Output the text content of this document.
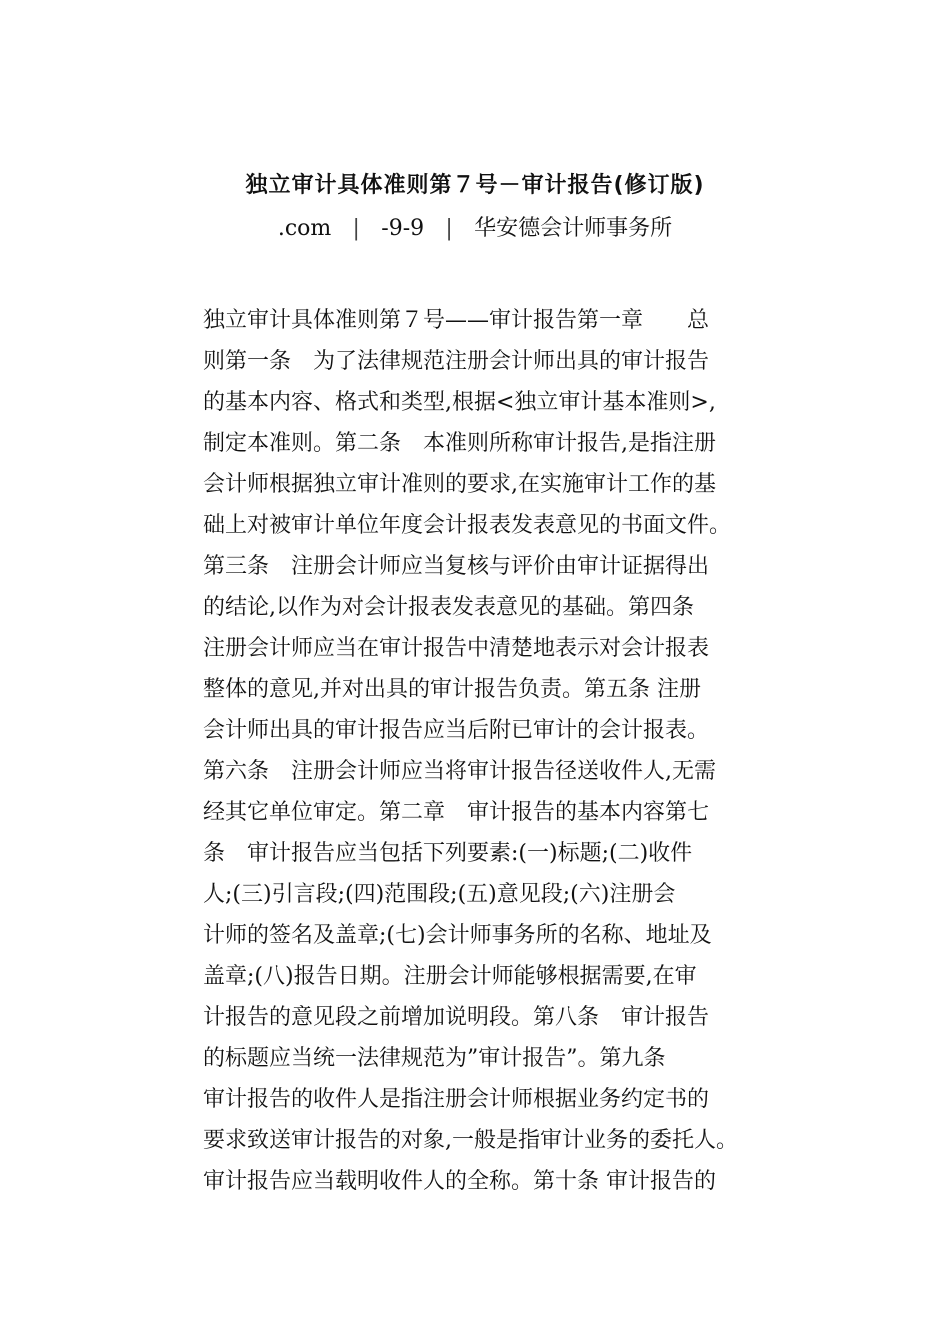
独立审计具体准则第７号－审计报告(修订版)
.com | -9-9 | 华安德会计师事务所
独立审计具体准则第７号——审计报告第一章　　总
则第一条　为了法律规范注册会计师出具的审计报告
的基本内容、格式和类型,根据<独立审计基本准则>,
制定本准则。第二条　本准则所称审计报告,是指注册
会计师根据独立审计准则的要求,在实施审计工作的基
础上对被审计单位年度会计报表发表意见的书面文件。
第三条　注册会计师应当复核与评价由审计证据得出
的结论,以作为对会计报表发表意见的基础。第四条
注册会计师应当在审计报告中清楚地表示对会计报表
整体的意见,并对出具的审计报告负责。第五条 注册
会计师出具的审计报告应当后附已审计的会计报表。
第六条　注册会计师应当将审计报告径送收件人,无需
经其它单位审定。第二章　审计报告的基本内容第七
条　审计报告应当包括下列要素:(一)标题;(二)收件
人;(三)引言段;(四)范围段;(五)意见段;(六)注册会
计师的签名及盖章;(七)会计师事务所的名称、地址及
盖章;(八)报告日期。注册会计师能够根据需要,在审
计报告的意见段之前增加说明段。第八条　审计报告
的标题应当统一法律规范为”审计报告”。第九条
审计报告的收件人是指注册会计师根据业务约定书的
要求致送审计报告的对象,一般是指审计业务的委托人。
审计报告应当载明收件人的全称。第十条 审计报告的
